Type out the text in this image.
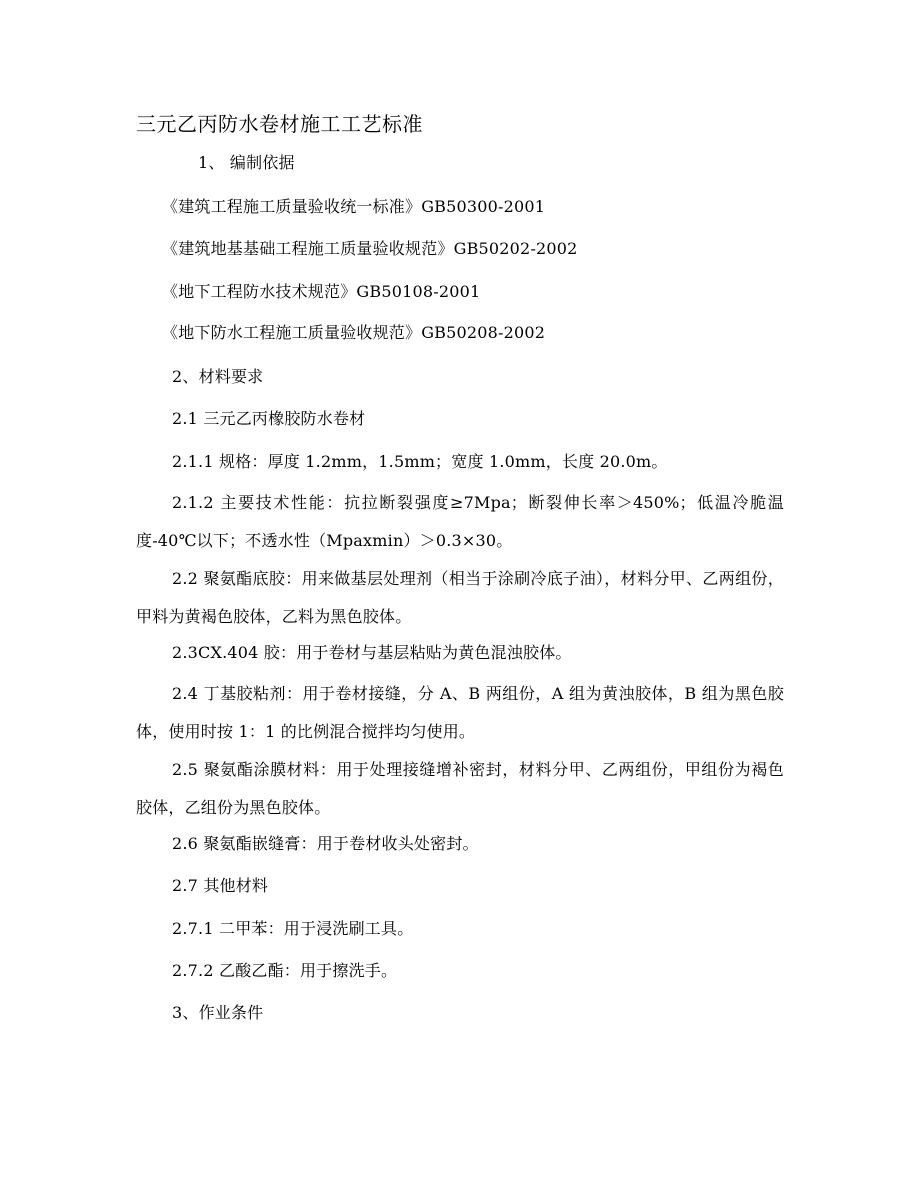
三元乙丙防水卷材施工工艺标准
1、 编制依据
《建筑工程施工质量验收统一标准》GB50300-2001
《建筑地基基础工程施工质量验收规范》GB50202-2002
《地下工程防水技术规范》GB50108-2001
《地下防水工程施工质量验收规范》GB50208-2002
2、材料要求
2.1 三元乙丙橡胶防水卷材
2.1.1 规格：厚度 1.2mm，1.5mm；宽度 1.0mm，长度 20.0m。
2.1.2 主要技术性能：抗拉断裂强度≥7Mpa；断裂伸长率＞450%；低温冷脆温度-40℃以下；不透水性（Mpaxmin）＞0.3×30。
2.2 聚氨酯底胶：用来做基层处理剂（相当于涂刷冷底子油），材料分甲、乙两组份，甲料为黄褐色胶体，乙料为黑色胶体。
2.3CX.404 胶：用于卷材与基层粘贴为黄色混浊胶体。
2.4 丁基胶粘剂：用于卷材接缝，分 A、B 两组份，A 组为黄浊胶体，B 组为黑色胶体，使用时按 1：1 的比例混合搅拌均匀使用。
2.5 聚氨酯涂膜材料：用于处理接缝增补密封，材料分甲、乙两组份，甲组份为褐色胶体，乙组份为黑色胶体。
2.6 聚氨酯嵌缝膏：用于卷材收头处密封。
2.7 其他材料
2.7.1 二甲苯：用于浸洗刷工具。
2.7.2 乙酸乙酯：用于擦洗手。
3、作业条件
